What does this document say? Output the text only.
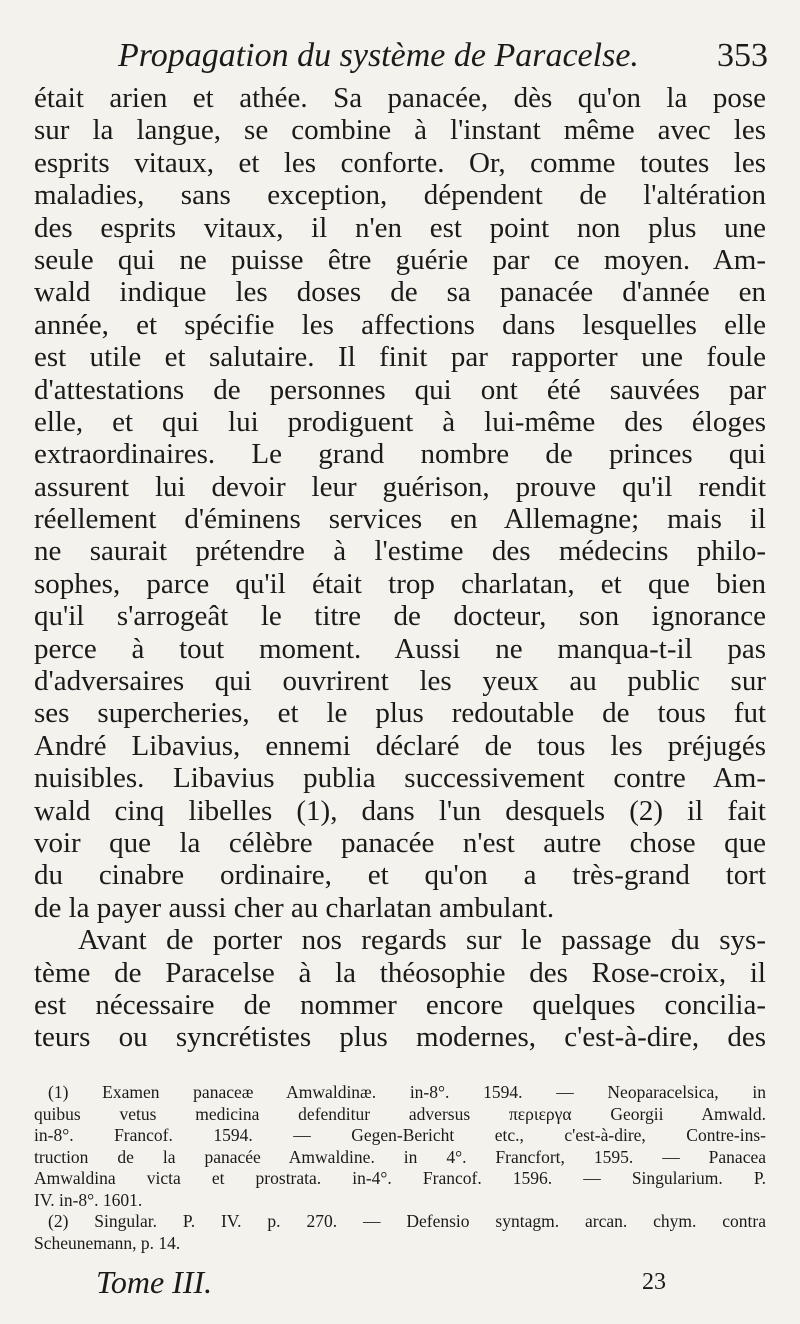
Propagation du système de Paracelse. 353
était arien et athée. Sa panacée, dès qu'on la pose
sur la langue, se combine à l'instant même avec les
esprits vitaux, et les conforte. Or, comme toutes les
maladies, sans exception, dépendent de l'altération
des esprits vitaux, il n'en est point non plus une
seule qui ne puisse être guérie par ce moyen. Am-
wald indique les doses de sa panacée d'année en
année, et spécifie les affections dans lesquelles elle
est utile et salutaire. Il finit par rapporter une foule
d'attestations de personnes qui ont été sauvées par
elle, et qui lui prodiguent à lui-même des éloges
extraordinaires. Le grand nombre de princes qui
assurent lui devoir leur guérison, prouve qu'il rendit
réellement d'éminens services en Allemagne; mais il
ne saurait prétendre à l'estime des médecins philo-
sophes, parce qu'il était trop charlatan, et que bien
qu'il s'arrogeât le titre de docteur, son ignorance
perce à tout moment. Aussi ne manqua-t-il pas
d'adversaires qui ouvrirent les yeux au public sur
ses supercheries, et le plus redoutable de tous fut
André Libavius, ennemi déclaré de tous les préjugés
nuisibles. Libavius publia successivement contre Am-
wald cinq libelles (1), dans l'un desquels (2) il fait
voir que la célèbre panacée n'est autre chose que
du cinabre ordinaire, et qu'on a très-grand tort
de la payer aussi cher au charlatan ambulant.
Avant de porter nos regards sur le passage du sys-
tème de Paracelse à la théosophie des Rose-croix, il
est nécessaire de nommer encore quelques concilia-
teurs ou syncrétistes plus modernes, c'est-à-dire, des
(1) Examen panaceæ Amwaldinæ. in-8°. 1594. — Neoparacelsica, in
quibus vetus medicina defenditur adversus περιεργα Georgii Amwald.
in-8°. Francof. 1594. — Gegen-Bericht etc., c'est-à-dire, Contre-ins-
truction de la panacée Amwaldine. in 4°. Francfort, 1595. — Panacea
Amwaldina victa et prostrata. in-4°. Francof. 1596. — Singularium. P.
IV. in-8°. 1601.
(2) Singular. P. IV. p. 270. — Defensio syntagm. arcan. chym. contra
Scheunemann, p. 14.
Tome III.	23
